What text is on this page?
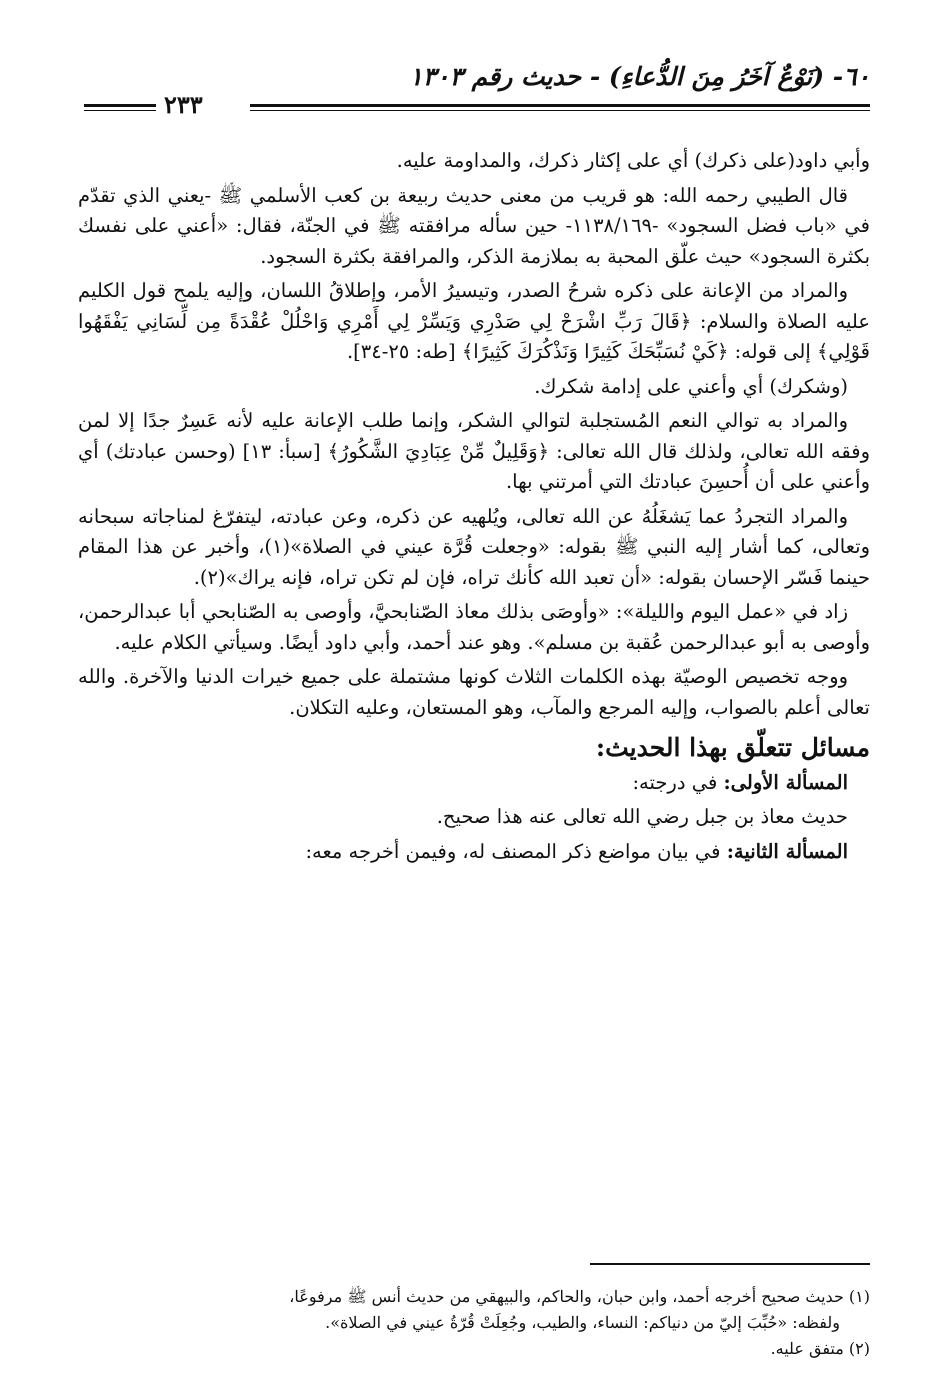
٦٠- (نَوْعٌ آخَرُ مِنَ الدُّعاءِ) - حديث رقم ١٣٠٣
٢٣٣

وأبي داود(على ذكرك) أي على إكثار ذكرك، والمداومة عليه.

قال الطيبي رحمه الله: هو قريب من معنى حديث ربيعة بن كعب الأسلمي ﷺ -يعني الذي تقدّم في «باب فضل السجود» -١١٣٨/١٦٩- حين سأله مرافقته ﷺ في الجنّة، فقال: «أعني على نفسك بكثرة السجود» حيث علّق المحبة به بملازمة الذكر، والمرافقة بكثرة السجود.

والمراد من الإعانة على ذكره شرحُ الصدر، وتيسيرُ الأمر، وإطلاقُ اللسان، وإليه يلمح قول الكليم عليه الصلاة والسلام: ﴿قَالَ رَبِّ اشْرَحْ لِي صَدْرِي وَيَسِّرْ لِي أَمْرِي وَاحْلُلْ عُقْدَةً مِن لِّسَانِي يَفْقَهُوا قَوْلِي﴾ إلى قوله: ﴿كَيْ نُسَبِّحَكَ كَثِيرًا وَنَذْكُرَكَ كَثِيرًا﴾ [طه: ٢٥-٣٤].

(وشكرك) أي وأعني على إدامة شكرك.

والمراد به توالي النعم المُستجلبة لتوالي الشكر، وإنما طلب الإعانة عليه لأنه عَسِرٌ جدًا إلا لمن وفقه الله تعالى، ولذلك قال الله تعالى: ﴿وَقَلِيلٌ مِّنْ عِبَادِيَ الشَّكُورُ﴾ [سبأ: ١٣] (وحسن عبادتك) أي وأعني على أن أُحسِنَ عبادتك التي أمرتني بها.

والمراد التجردُ عما يَشغَلُهُ عن الله تعالى، ويُلهيه عن ذكره، وعن عبادته، ليتفرّغ لمناجاته سبحانه وتعالى، كما أشار إليه النبي ﷺ بقوله: «وجعلت قُرَّة عيني في الصلاة»(١)، وأخبر عن هذا المقام حينما فَسّر الإحسان بقوله: «أن تعبد الله كأنك تراه، فإن لم تكن تراه، فإنه يراك»(٢).

زاد في «عمل اليوم والليلة»: «وأوصَى بذلك معاذ الصّنابحيَّ، وأوصى به الصّنابحي أبا عبدالرحمن، وأوصى به أبو عبدالرحمن عُقبة بن مسلم». وهو عند أحمد، وأبي داود أيضًا. وسيأتي الكلام عليه.

ووجه تخصيص الوصيّة بهذه الكلمات الثلاث كونها مشتملة على جميع خيرات الدنيا والآخرة. والله تعالى أعلم بالصواب، وإليه المرجع والمآب، وهو المستعان، وعليه التكلان.

مسائل تتعلّق بهذا الحديث:

المسألة الأولى: في درجته:

حديث معاذ بن جبل رضي الله تعالى عنه هذا صحيح.

المسألة الثانية: في بيان مواضع ذكر المصنف له، وفيمن أخرجه معه:

(١) حديث صحيح أخرجه أحمد، وابن حبان، والحاكم، والبيهقي من حديث أنس ﷺ مرفوعًا،

ولفظه: «حُبِّبَ إليّ من دنياكم: النساء، والطيب، وجُعِلَتْ قُرّةُ عيني في الصلاة».

(٢) متفق عليه.
